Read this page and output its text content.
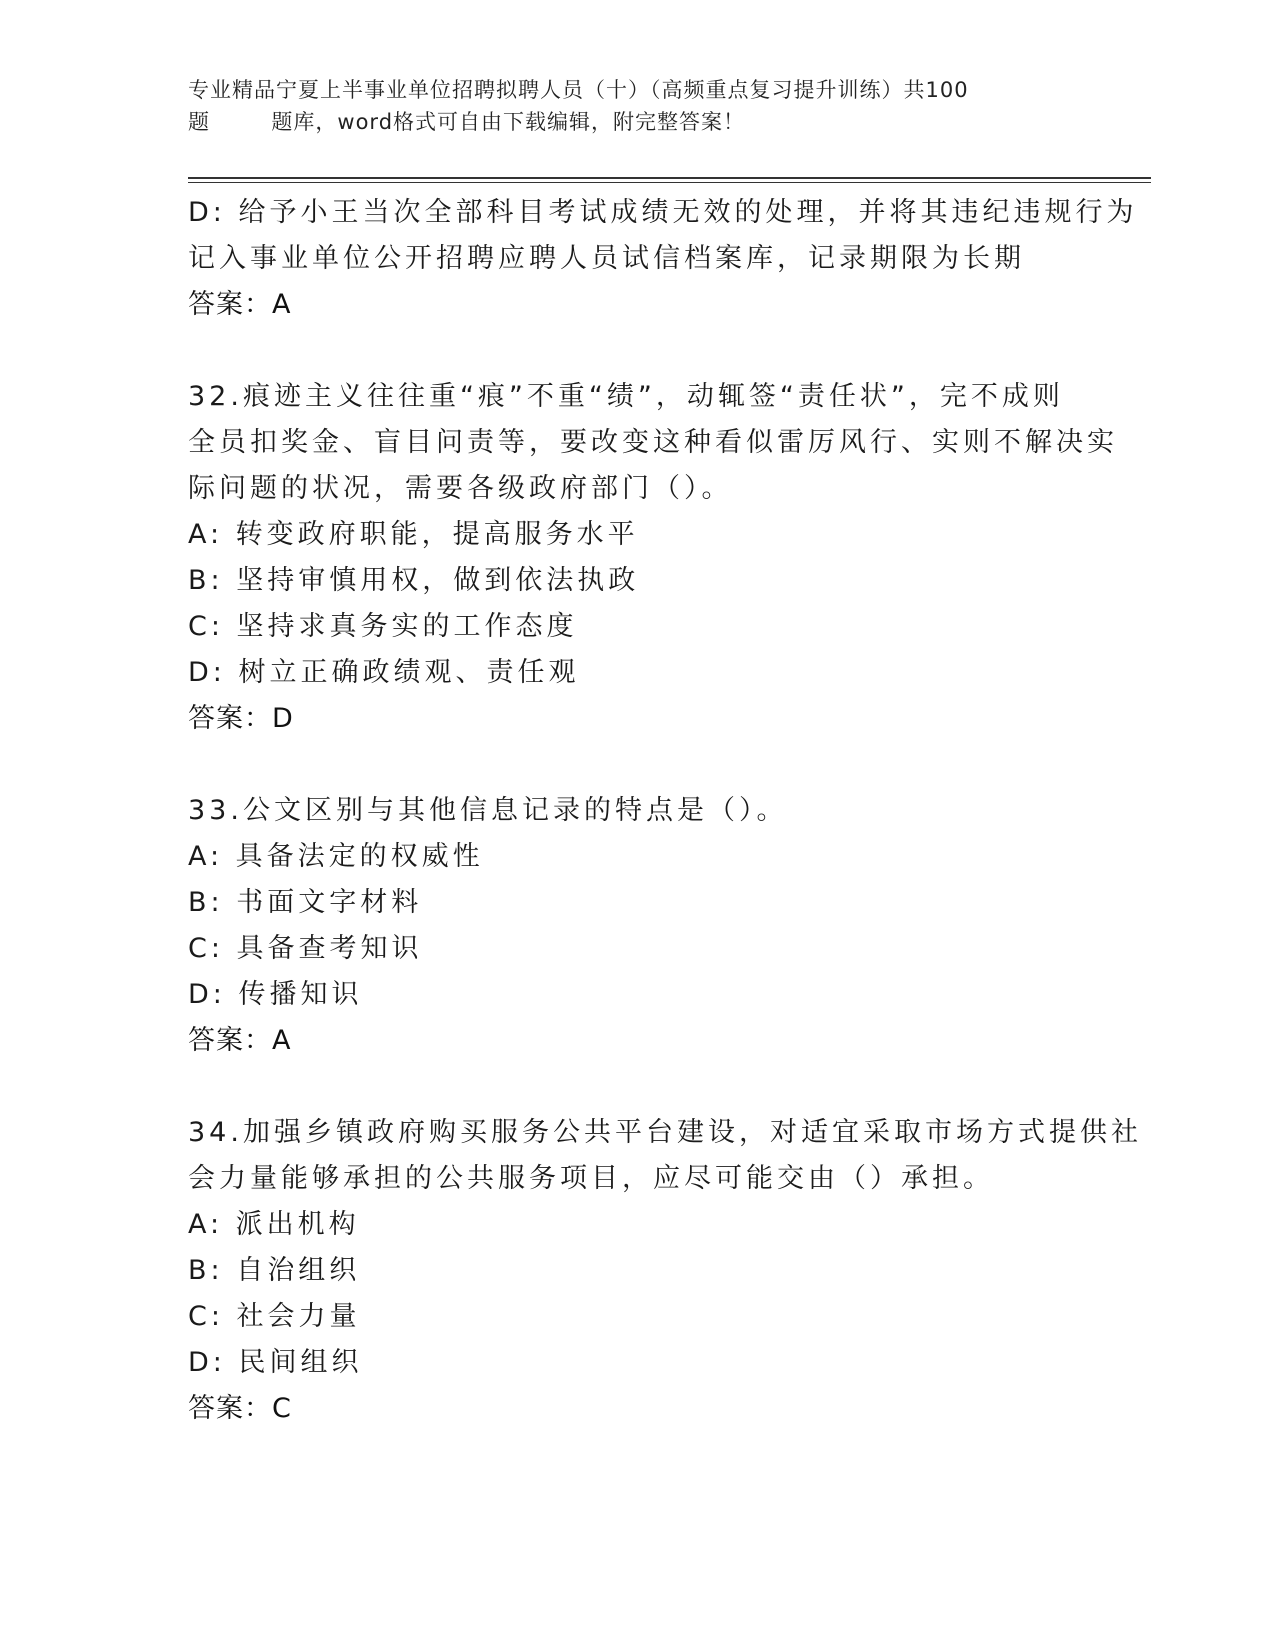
专业精品宁夏上半事业单位招聘拟聘人员（十）（高频重点复习提升训练）共100
题        题库，word格式可自由下载编辑，附完整答案！
D: 给予小王当次全部科目考试成绩无效的处理，并将其违纪违规行为
记入事业单位公开招聘应聘人员试信档案库，记录期限为长期
答案：A
32.痕迹主义往往重“痕”不重“绩”，动辄签“责任状”，完不成则
全员扣奖金、盲目问责等，要改变这种看似雷厉风行、实则不解决实
际问题的状况，需要各级政府部门（）。
A: 转变政府职能，提高服务水平
B: 坚持审慎用权，做到依法执政
C: 坚持求真务实的工作态度
D: 树立正确政绩观、责任观
答案：D
33.公文区别与其他信息记录的特点是（）。
A: 具备法定的权威性
B: 书面文字材料
C: 具备查考知识
D: 传播知识
答案：A
34.加强乡镇政府购买服务公共平台建设，对适宜采取市场方式提供社
会力量能够承担的公共服务项目，应尽可能交由（）承担。
A: 派出机构
B: 自治组织
C: 社会力量
D: 民间组织
答案：C
